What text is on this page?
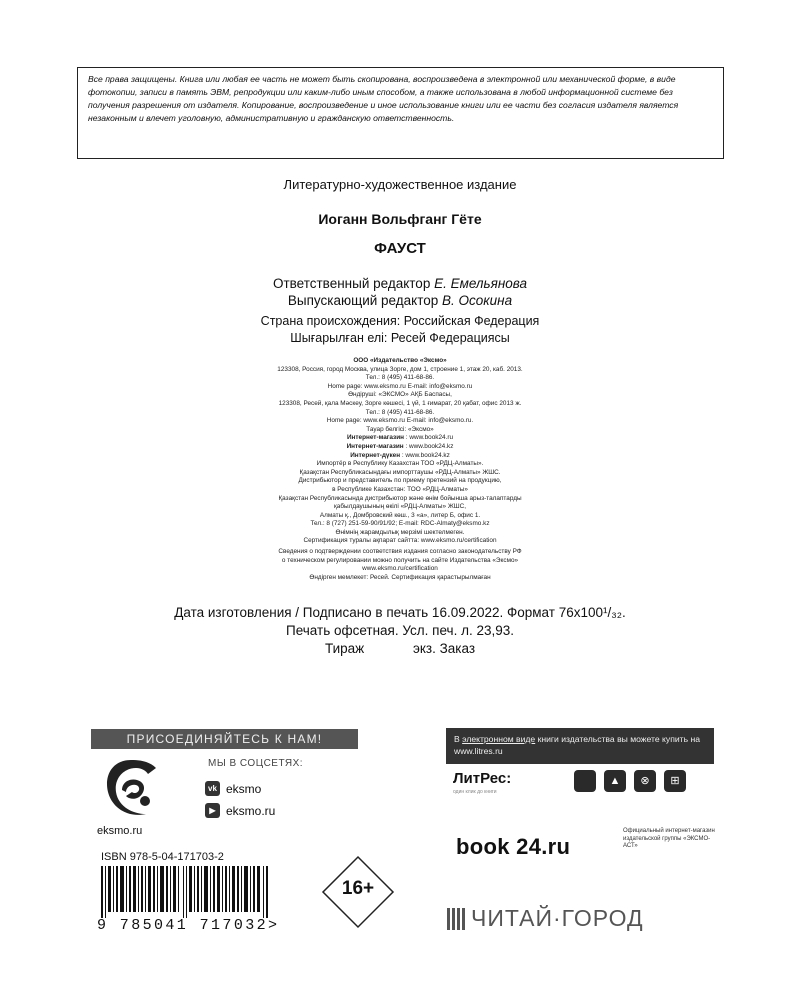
Все права защищены. Книга или любая ее часть не может быть скопирована, воспроизведена в электронной или механической форме, в виде фотокопии, записи в память ЭВМ, репродукции или каким-либо иным способом, а также использована в любой информационной системе без получения разрешения от издателя. Копирование, воспроизведение и иное использование книги или ее части без согласия издателя является незаконным и влечет уголовную, административную и гражданскую ответственность.
Литературно-художественное издание
Иоганн Вольфганг Гёте
ФАУСТ
Ответственный редактор Е. Емельянова
Выпускающий редактор В. Осокина
Страна происхождения: Российская Федерация
Шығарылған елі: Ресей Федерациясы
ООО «Издательство «Эксмо»
123308, Россия, город Москва, улица Зорге, дом 1, строение 1, этаж 20, каб. 2013.
Тел.: 8 (495) 411-68-86.
Home page: www.eksmo.ru E-mail: info@eksmo.ru
Өндіруші: «ЭКСМО» АҚБ Баспасы,
123308, Ресей, қала Мәскеу, Зорге көшесі, 1 үй, 1 ғимарат, 20 қабат, офис 2013 ж.
Тел.: 8 (495) 411-68-86.
Home page: www.eksmo.ru E-mail: info@eksmo.ru.
Тауар белгісі: «Эксмо»
Интернет-магазин : www.book24.ru
Интернет-магазин : www.book24.kz
Интернет-дүкен : www.book24.kz
Импортёр в Республику Казахстан ТОО «РДЦ-Алматы».
Қазақстан Республикасындағы импорттаушы «РДЦ-Алматы» ЖШС.
Дистрибьютор и представитель по приему претензий на продукцию,
в Республике Казахстан: ТОО «РДЦ-Алматы»
Қазақстан Республикасында дистрибьютор және өнім бойынша арыз-талаптарды
қабылдаушының өкілі «РДЦ-Алматы» ЖШС,
Алматы қ., Домбровский көш., 3 «а», литер Б, офис 1.
Тел.: 8 (727) 251-59-90/91/92; E-mail: RDC-Almaty@eksmo.kz
Өнімнің жарамдылық мерзімі шектелмеген.
Сертификация туралы ақпарат сайтта: www.eksmo.ru/certification
Сведения о подтверждении соответствия издания согласно законодательству РФ
о техническом регулировании можно получить на сайте Издательства «Эксмо»
www.eksmo.ru/certification
Өндірген мемлекет: Ресей. Сертификация қарастырылмаған
Дата изготовления / Подписано в печать 16.09.2022. Формат 76x100¹/₃₂.
Печать офсетная. Усл. печ. л. 23,93.
Тираж             экз. Заказ
ПРИСОЕДИНЯЙТЕСЬ К НАМ!
eksmo.ru
МЫ В СОЦСЕТЯХ:
vk eksmo
▶ eksmo.ru
ISBN 978-5-04-171703-2
9 785041 717032>
16+
В электронном виде книги издательства вы можете купить на www.litres.ru
ЛитРес:
один клик до книги
▲	⊗	⊞
book 24.ru
Официальный интернет-магазин издательской группы «ЭКСМО-АСТ»
ЧИТАЙ·ГОРОД
